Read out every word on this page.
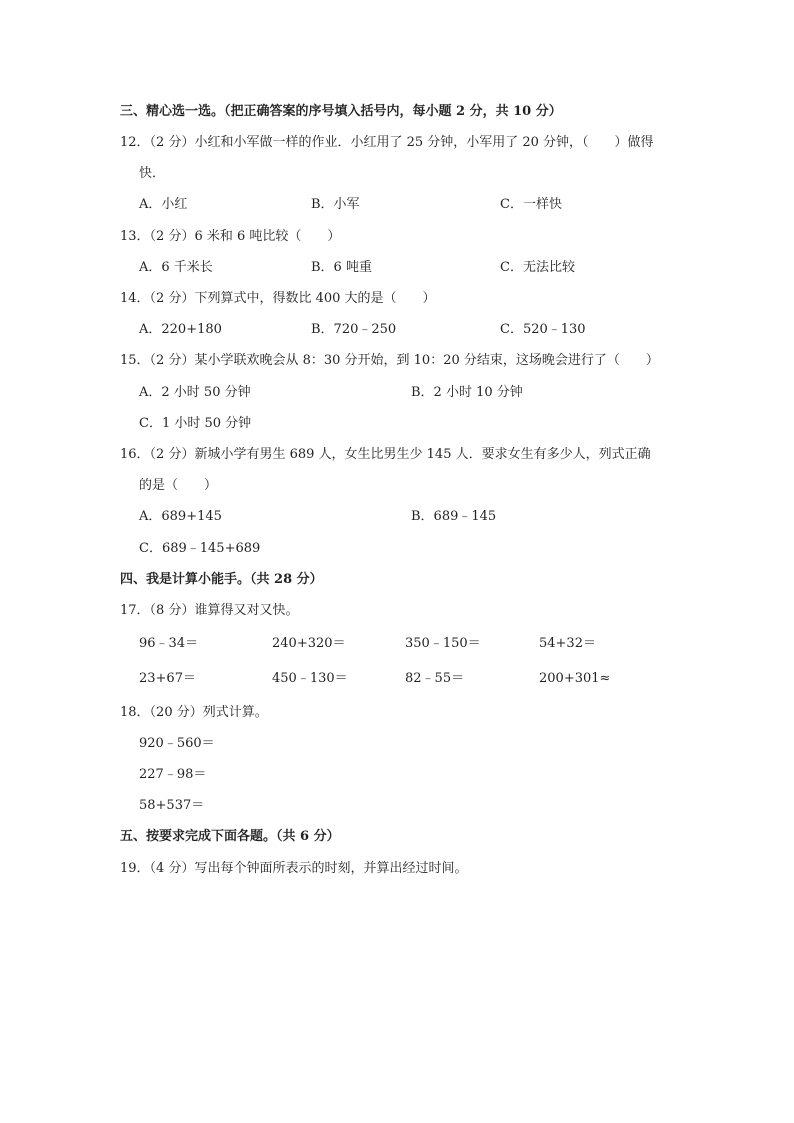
三、精心选一选。（把正确答案的序号填入括号内，每小题 2 分，共 10 分）
12．（2 分）小红和小军做一样的作业．小红用了 25 分钟，小军用了 20 分钟，（　　）做得
快．
A．小红	B．小军	C．一样快
13．（2 分）6 米和 6 吨比较（　　）
A．6 千米长	B．6 吨重	C．无法比较
14．（2 分）下列算式中，得数比 400 大的是（　　）
A．220+180	B．720﹣250	C．520﹣130
15．（2 分）某小学联欢晚会从 8：30 分开始，到 10：20 分结束，这场晚会进行了（　　）
A．2 小时 50 分钟	B．2 小时 10 分钟
C．1 小时 50 分钟
16．（2 分）新城小学有男生 689 人，女生比男生少 145 人．要求女生有多少人，列式正确
的是（　　）
A．689+145	B．689﹣145
C．689﹣145+689
四、我是计算小能手。（共 28 分）
17．（8 分）谁算得又对又快。
96﹣34＝	240+320＝	350﹣150＝	54+32＝
23+67＝	450﹣130＝	82﹣55＝	200+301≈
18．（20 分）列式计算。
920﹣560＝
227﹣98＝
58+537＝
五、按要求完成下面各题。（共 6 分）
19．（4 分）写出每个钟面所表示的时刻，并算出经过时间。
